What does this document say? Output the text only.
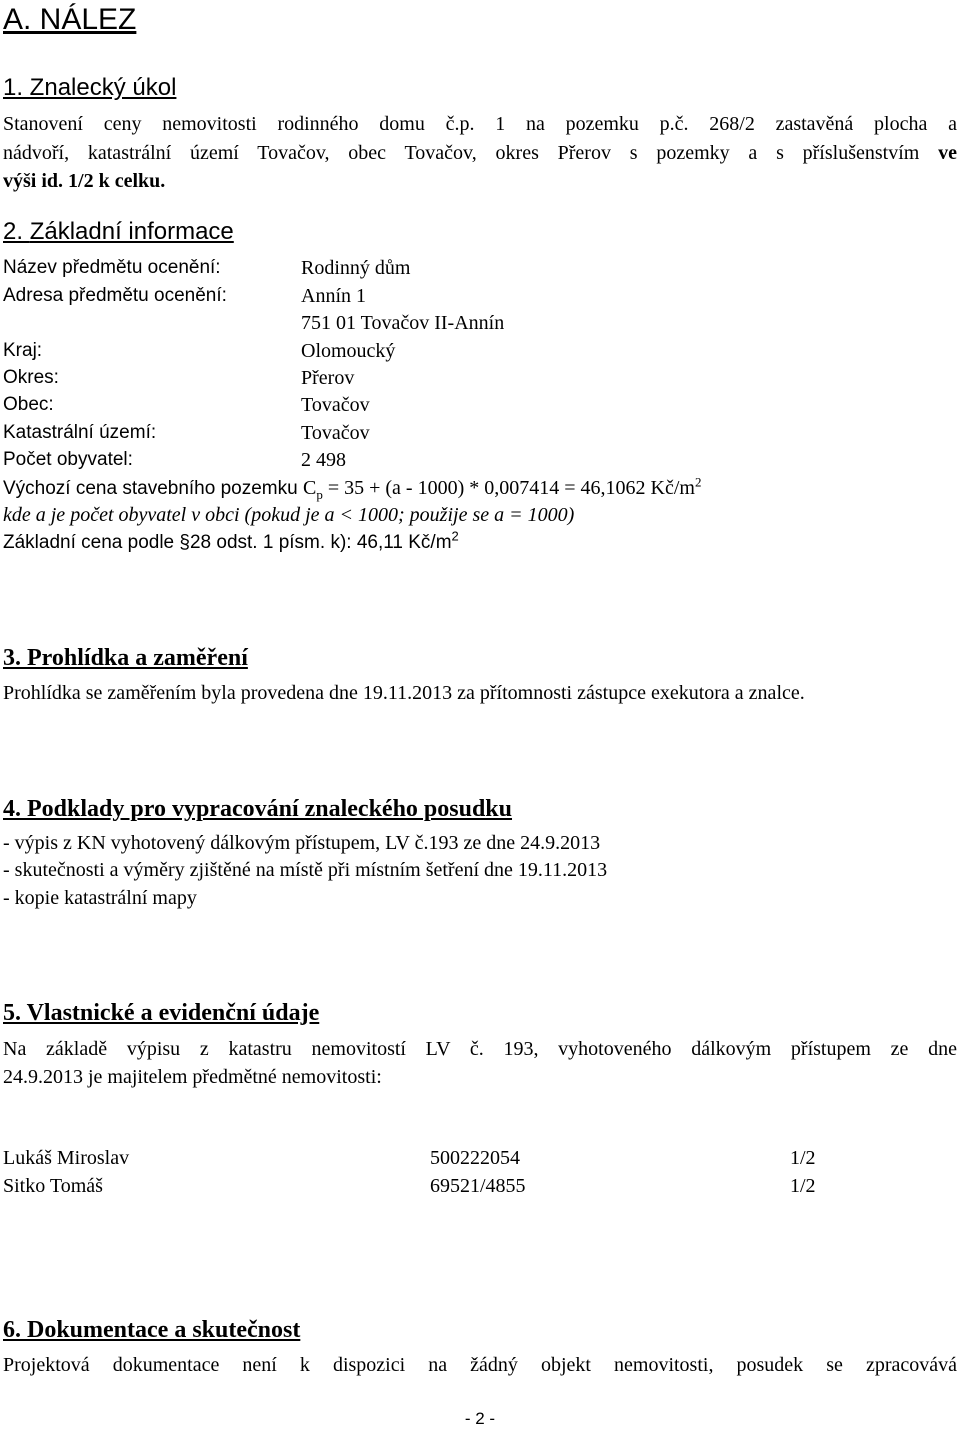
A. NÁLEZ
1. Znalecký úkol
Stanovení ceny nemovitosti rodinného domu č.p. 1 na pozemku p.č. 268/2 zastavěná plocha a
nádvoří, katastrální území Tovačov, obec Tovačov, okres Přerov s pozemky a s příslušenstvím ve
výši id. 1/2 k celku.
2. Základní informace
Název předmětu ocenění:	Rodinný dům
Adresa předmětu ocenění:	Annín 1
751 01 Tovačov II-Annín
Kraj:	Olomoucký
Okres:	Přerov
Obec:	Tovačov
Katastrální území:	Tovačov
Počet obyvatel:	2 498
Výchozí cena stavebního pozemku $C_p = 35 + (a - 1000) * 0,007414 = 46,1062$ $Kč/m^2$
kde a je počet obyvatel v obci (pokud je a < 1000; použije se a = 1000)
Základní cena podle §28 odst. 1 písm. k): 46,11 $Kč/m^2$
3. Prohlídka a zaměření
Prohlídka se zaměřením byla provedena dne 19.11.2013 za přítomnosti zástupce exekutora a znalce.
4. Podklady pro vypracování znaleckého posudku
- výpis z KN vyhotovený dálkovým přístupem, LV č.193 ze dne 24.9.2013
- skutečnosti a výměry zjištěné na místě při místním šetření dne 19.11.2013
- kopie katastrální mapy
5. Vlastnické a evidenční údaje
Na základě výpisu z katastru nemovitostí LV č. 193, vyhotoveného dálkovým přístupem ze dne
24.9.2013 je majitelem předmětné nemovitosti:
Lukáš Miroslav	500222054	1/2
Sitko Tomáš	69521/4855	1/2
6. Dokumentace a skutečnost
Projektová dokumentace není k dispozici na žádný objekt nemovitosti, posudek se zpracovává
- 2 -
